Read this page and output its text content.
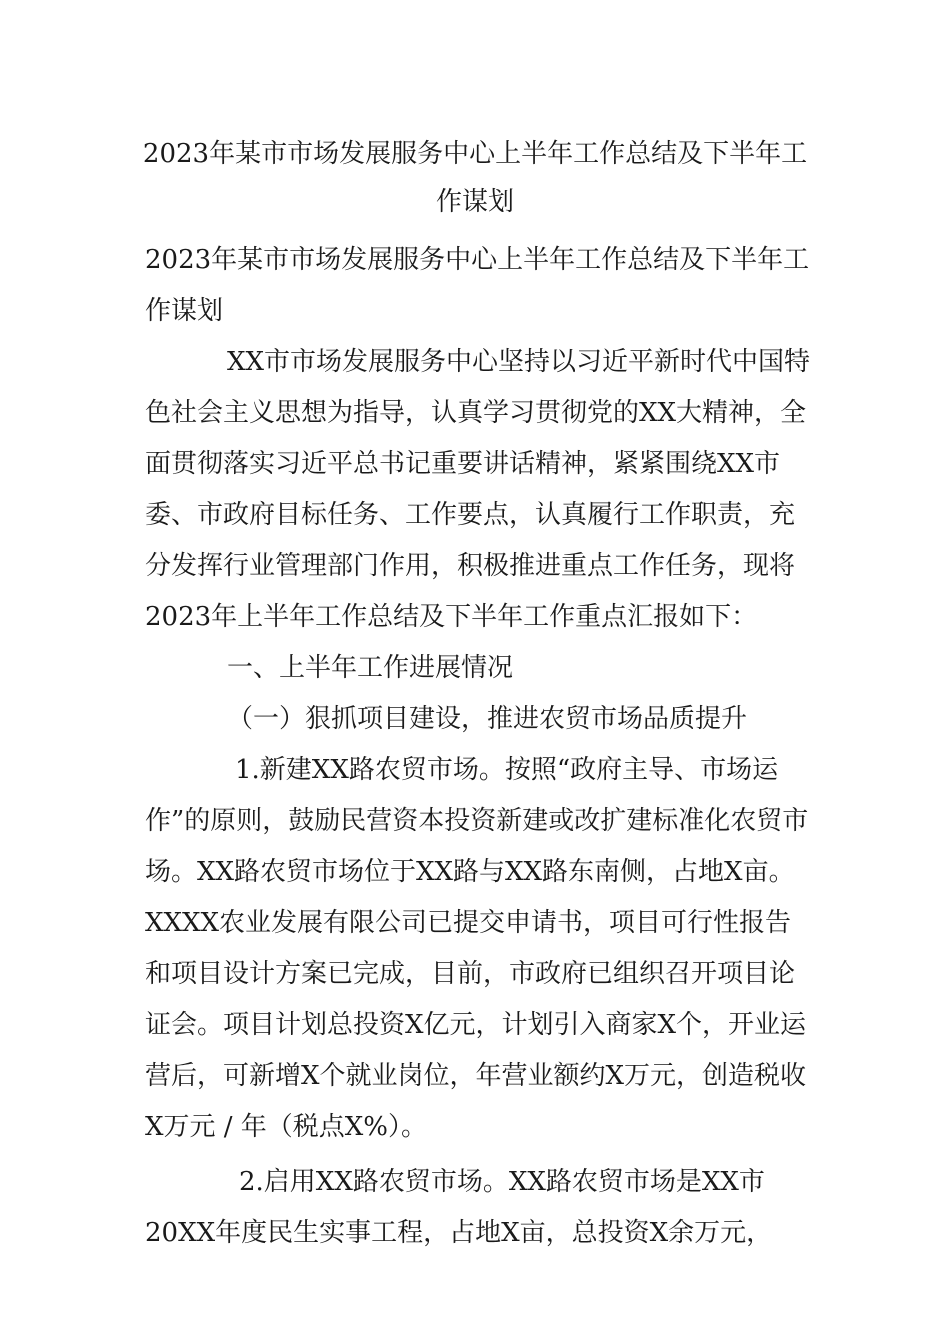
2023年某市市场发展服务中心上半年工作总结及下半年工作谋划

2023年某市市场发展服务中心上半年工作总结及下半年工作谋划

XX市市场发展服务中心坚持以习近平新时代中国特色社会主义思想为指导，认真学习贯彻党的XX大精神，全面贯彻落实习近平总书记重要讲话精神，紧紧围绕XX市委、市政府目标任务、工作要点，认真履行工作职责，充分发挥行业管理部门作用，积极推进重点工作任务，现将2023年上半年工作总结及下半年工作重点汇报如下：

一、上半年工作进展情况

（一）狠抓项目建设，推进农贸市场品质提升

1.新建XX路农贸市场。按照“政府主导、市场运作”的原则，鼓励民营资本投资新建或改扩建标准化农贸市场。XX路农贸市场位于XX路与XX路东南侧，占地X亩。XXXX农业发展有限公司已提交申请书，项目可行性报告和项目设计方案已完成，目前，市政府已组织召开项目论证会。项目计划总投资X亿元，计划引入商家X个，开业运营后，可新增X个就业岗位，年营业额约X万元，创造税收X万元 / 年（税点X%）。

2.启用XX路农贸市场。XX路农贸市场是XX市20XX年度民生实事工程，占地X亩，总投资X余万元，
